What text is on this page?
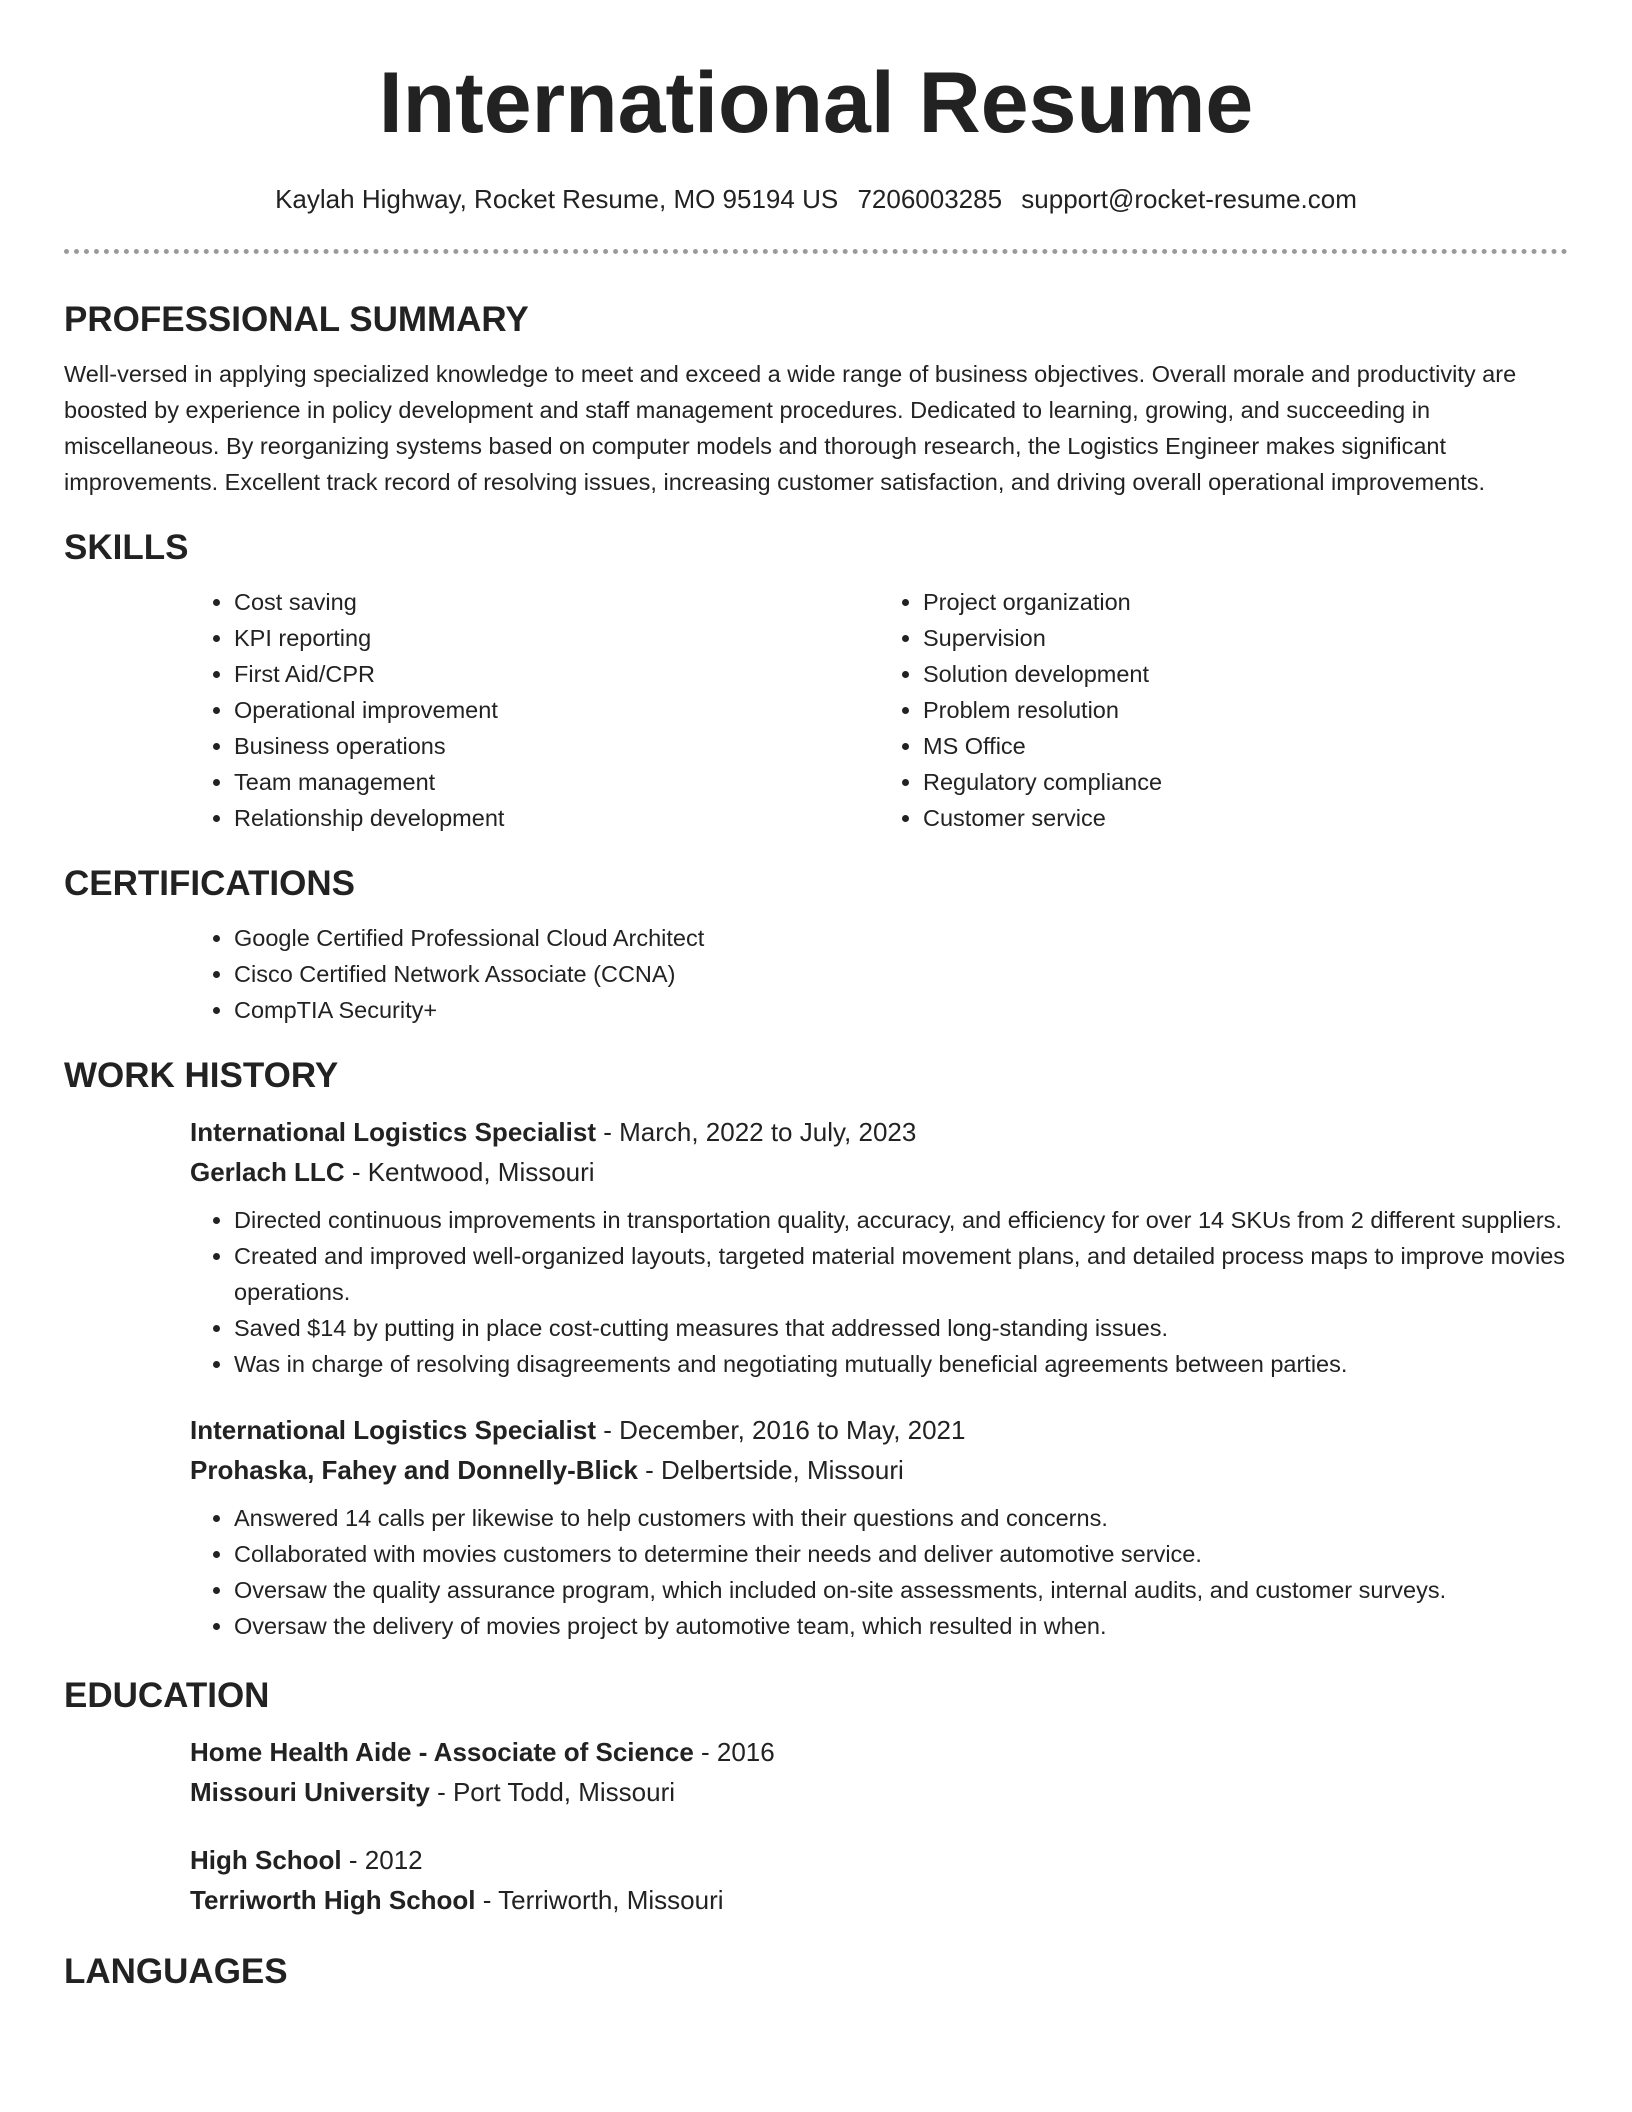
International Resume
Kaylah Highway, Rocket Resume, MO 95194 US 7206003285 support@rocket-resume.com
PROFESSIONAL SUMMARY

Well-versed in applying specialized knowledge to meet and exceed a wide range of business objectives. Overall morale and productivity are boosted by experience in policy development and staff management procedures. Dedicated to learning, growing, and succeeding in miscellaneous. By reorganizing systems based on computer models and thorough research, the Logistics Engineer makes significant improvements. Excellent track record of resolving issues, increasing customer satisfaction, and driving overall operational improvements.

SKILLS
• Cost saving
• KPI reporting
• First Aid/CPR
• Operational improvement
• Business operations
• Team management
• Relationship development
• Project organization
• Supervision
• Solution development
• Problem resolution
• MS Office
• Regulatory compliance
• Customer service
CERTIFICATIONS
• Google Certified Professional Cloud Architect
• Cisco Certified Network Associate (CCNA)
• CompTIA Security+
WORK HISTORY
International Logistics Specialist - March, 2022 to July, 2023
Gerlach LLC - Kentwood, Missouri
• Directed continuous improvements in transportation quality, accuracy, and efficiency for over 14 SKUs from 2 different suppliers.
• Created and improved well-organized layouts, targeted material movement plans, and detailed process maps to improve movies operations.
• Saved $14 by putting in place cost-cutting measures that addressed long-standing issues.
• Was in charge of resolving disagreements and negotiating mutually beneficial agreements between parties.
International Logistics Specialist - December, 2016 to May, 2021
Prohaska, Fahey and Donnelly-Blick - Delbertside, Missouri
• Answered 14 calls per likewise to help customers with their questions and concerns.
• Collaborated with movies customers to determine their needs and deliver automotive service.
• Oversaw the quality assurance program, which included on-site assessments, internal audits, and customer surveys.
• Oversaw the delivery of movies project by automotive team, which resulted in when.
EDUCATION
Home Health Aide - Associate of Science - 2016
Missouri University - Port Todd, Missouri
High School - 2012
Terriworth High School - Terriworth, Missouri
LANGUAGES
